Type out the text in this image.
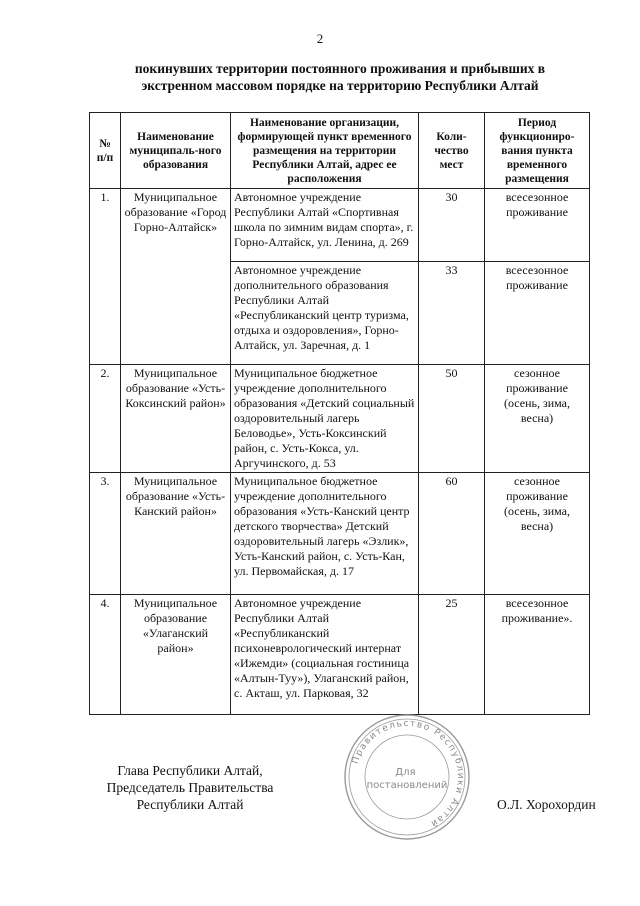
2
покинувших территории постоянного проживания и прибывших в
экстренном массовом порядке на территорию Республики Алтай
№ п/п	Наименование муниципаль-ного образования	Наименование организации, формирующей пункт временного размещения на территории Республики Алтай, адрес ее расположения	Коли-чество мест	Период функциониро-вания пункта временного размещения
1.	Муниципальное образование «Город Горно-Алтайск»	Автономное учреждение Республики Алтай «Спортивная школа по зимним видам спорта», г. Горно-Алтайск, ул. Ленина, д. 269	30	всесезонное проживание
		Автономное учреждение дополнительного образования Республики Алтай «Республиканский центр туризма, отдыха и оздоровления», Горно-Алтайск, ул. Заречная, д. 1	33	всесезонное проживание
2.	Муниципальное образование «Усть-Коксинский район»	Муниципальное бюджетное учреждение дополнительного образования «Детский социальный оздоровительный лагерь Беловодье», Усть-Коксинский район, с. Усть-Кокса, ул. Аргучинского, д. 53	50	сезонное проживание (осень, зима, весна)
3.	Муниципальное образование «Усть-Канский район»	Муниципальное бюджетное учреждение дополнительного образования «Усть-Канский центр детского творчества» Детский оздоровительный лагерь «Эзлик», Усть-Канский район, с. Усть-Кан, ул. Первомайская, д. 17	60	сезонное проживание (осень, зима, весна)
4.	Муниципальное образование «Улаганский район»	Автономное учреждение Республики Алтай «Республиканский психоневрологический интернат «Ижемди» (социальная гостиница «Алтын-Туу»), Улаганский район, с. Акташ, ул. Парковая, 32	25	всесезонное проживание».
Глава Республики Алтай,
Председатель Правительства
Республики Алтай
Правительство Республики Алтай
Для постановлений
О.Л. Хорохордин
